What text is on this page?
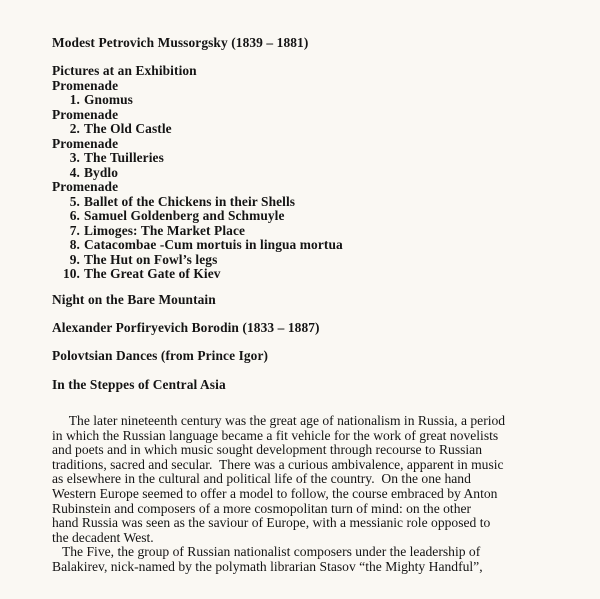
Modest Petrovich Mussorgsky (1839 – 1881)
Pictures at an Exhibition
Promenade
1. Gnomus
Promenade
2. The Old Castle
Promenade
3. The Tuilleries
4. Bydlo
Promenade
5. Ballet of the Chickens in their Shells
6. Samuel Goldenberg and Schmuyle
7. Limoges: The Market Place
8. Catacombae -Cum mortuis in lingua mortua
9. The Hut on Fowl’s legs
10. The Great Gate of Kiev
Night on the Bare Mountain
Alexander Porfiryevich Borodin (1833 – 1887)
Polovtsian Dances (from Prince Igor)
In the Steppes of Central Asia
The later nineteenth century was the great age of nationalism in Russia, a period
in which the Russian language became a fit vehicle for the work of great novelists
and poets and in which music sought development through recourse to Russian
traditions, sacred and secular.  There was a curious ambivalence, apparent in music
as elsewhere in the cultural and political life of the country.  On the one hand
Western Europe seemed to offer a model to follow, the course embraced by Anton
Rubinstein and composers of a more cosmopolitan turn of mind: on the other
hand Russia was seen as the saviour of Europe, with a messianic role opposed to
the decadent West.
The Five, the group of Russian nationalist composers under the leadership of
Balakirev, nick-named by the polymath librarian Stasov “the Mighty Handful”,
